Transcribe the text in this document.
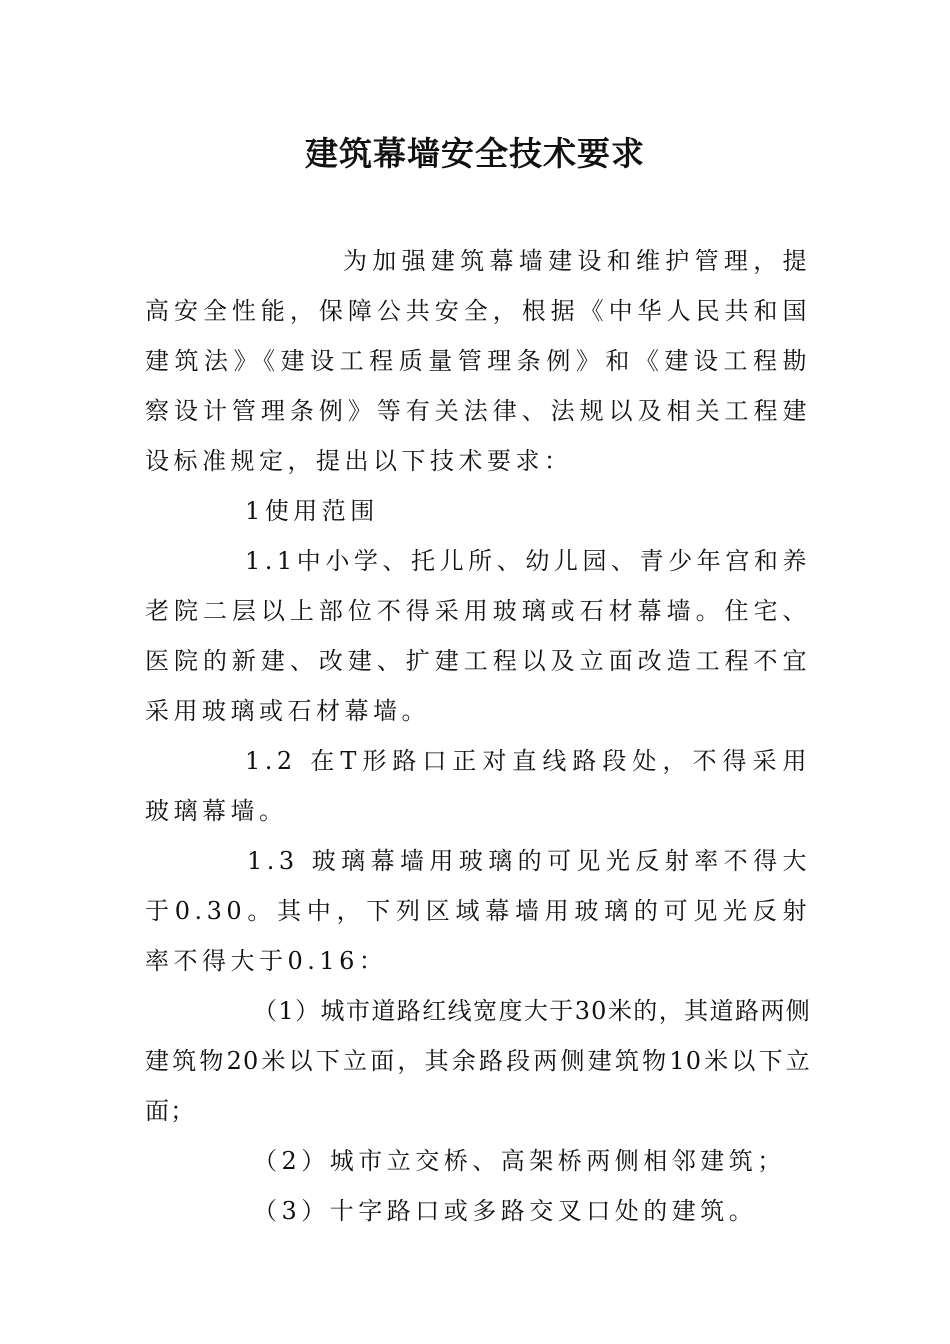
建筑幕墙安全技术要求

为加强建筑幕墙建设和维护管理，提高安全性能，保障公共安全，根据《中华人民共和国建筑法》《建设工程质量管理条例》和《建设工程勘察设计管理条例》等有关法律、法规以及相关工程建设标准规定，提出以下技术要求：

1使用范围

1.1中小学、托儿所、幼儿园、青少年宫和养老院二层以上部位不得采用玻璃或石材幕墙。住宅、医院的新建、改建、扩建工程以及立面改造工程不宜采用玻璃或石材幕墙。

1.2 在T形路口正对直线路段处，不得采用玻璃幕墙。

1.3 玻璃幕墙用玻璃的可见光反射率不得大于0.30。其中，下列区域幕墙用玻璃的可见光反射率不得大于0.16：

（1）城市道路红线宽度大于30米的，其道路两侧建筑物20米以下立面，其余路段两侧建筑物10米以下立面；

（2）城市立交桥、高架桥两侧相邻建筑；

（3）十字路口或多路交叉口处的建筑。
